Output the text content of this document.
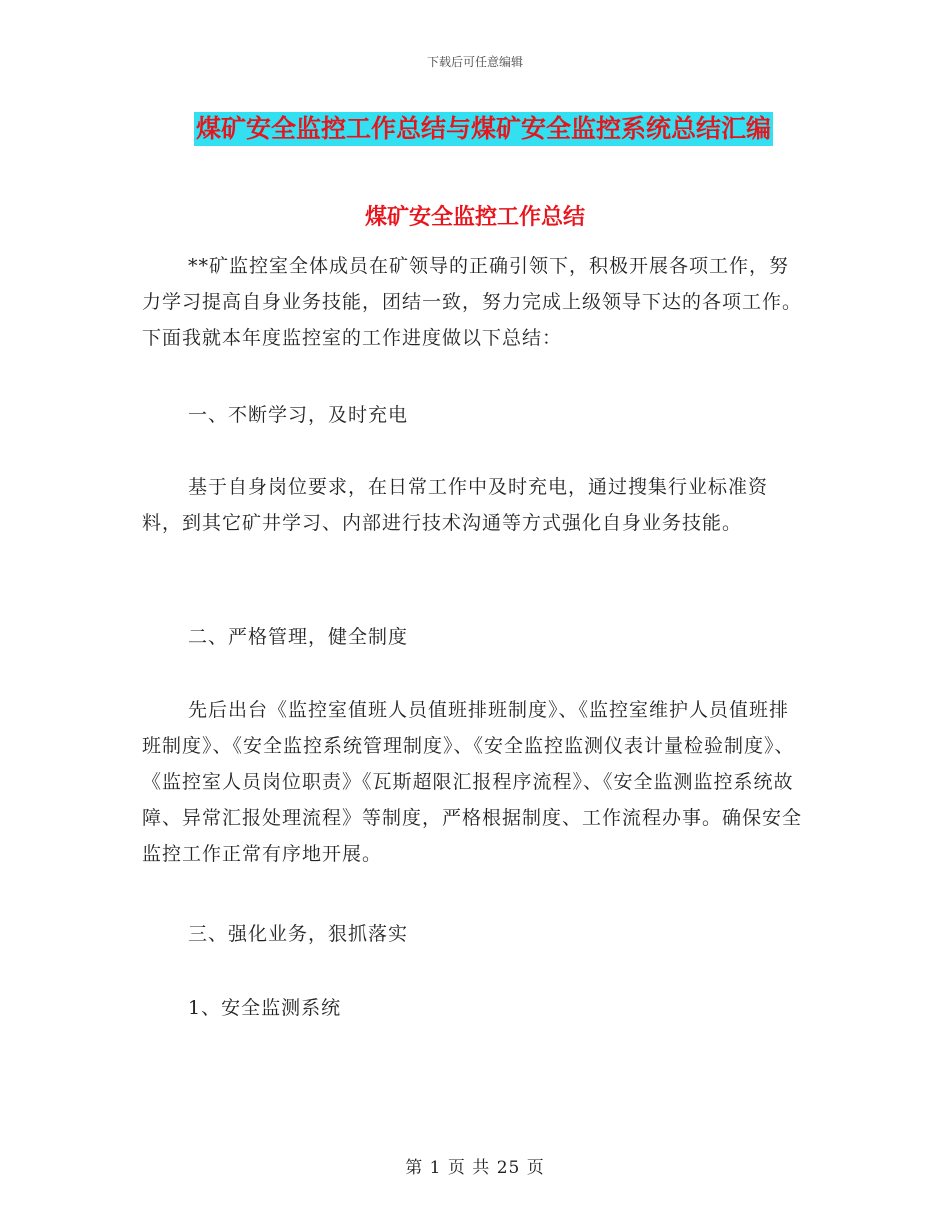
下载后可任意编辑
煤矿安全监控工作总结与煤矿安全监控系统总结汇编
煤矿安全监控工作总结

**矿监控室全体成员在矿领导的正确引领下，积极开展各项工作，努力学习提高自身业务技能，团结一致，努力完成上级领导下达的各项工作。下面我就本年度监控室的工作进度做以下总结：

一、不断学习，及时充电

基于自身岗位要求，在日常工作中及时充电，通过搜集行业标准资料，到其它矿井学习、内部进行技术沟通等方式强化自身业务技能。

二、严格管理，健全制度

先后出台《监控室值班人员值班排班制度》、《监控室维护人员值班排班制度》、《安全监控系统管理制度》、《安全监控监测仪表计量检验制度》、《监控室人员岗位职责》《瓦斯超限汇报程序流程》、《安全监测监控系统故障、异常汇报处理流程》等制度，严格根据制度、工作流程办事。确保安全监控工作正常有序地开展。

三、强化业务，狠抓落实

1、安全监测系统

第 1 页 共 25 页
